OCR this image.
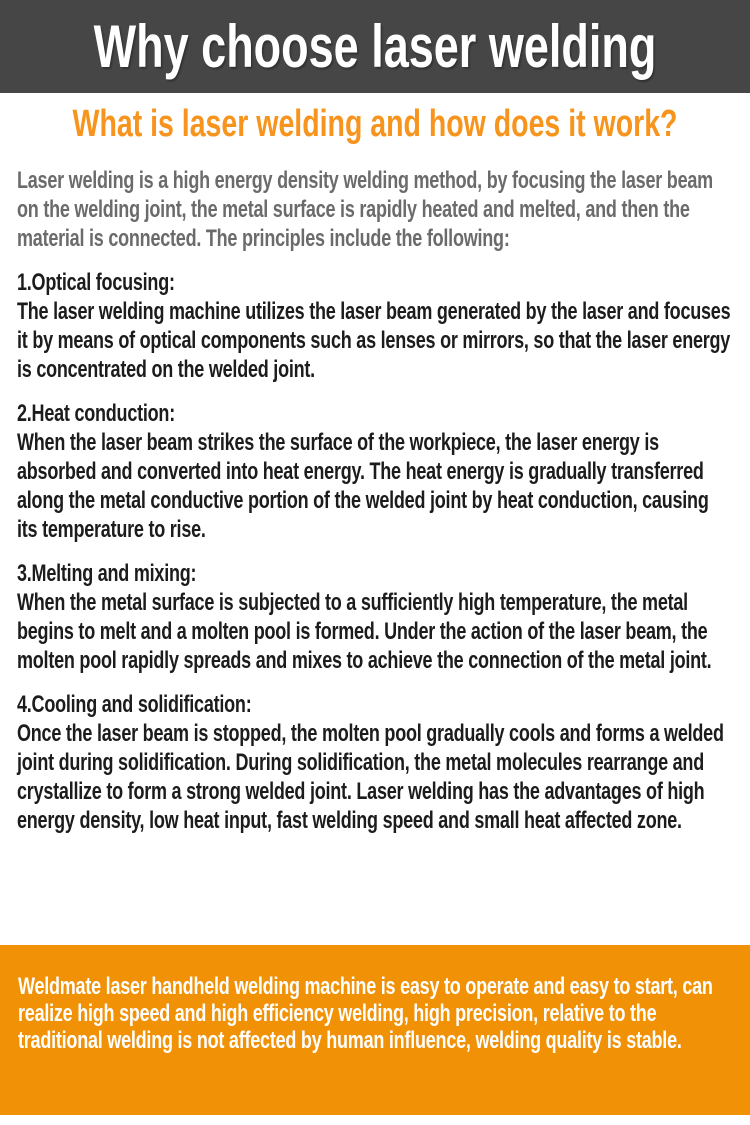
Why choose laser welding
What is laser welding and how does it work?

Laser welding is a high energy density welding method, by focusing the laser beam on the welding joint, the metal surface is rapidly heated and melted, and then the material is connected. The principles include the following:

1.Optical focusing:

The laser welding machine utilizes the laser beam generated by the laser and focuses it by means of optical components such as lenses or mirrors, so that the laser energy is concentrated on the welded joint.

2.Heat conduction:

When the laser beam strikes the surface of the workpiece, the laser energy is absorbed and converted into heat energy. The heat energy is gradually transferred along the metal conductive portion of the welded joint by heat conduction, causing its temperature to rise.

3.Melting and mixing:

When the metal surface is subjected to a sufficiently high temperature, the metal begins to melt and a molten pool is formed. Under the action of the laser beam, the molten pool rapidly spreads and mixes to achieve the connection of the metal joint.

4.Cooling and solidification:

Once the laser beam is stopped, the molten pool gradually cools and forms a welded joint during solidification. During solidification, the metal molecules rearrange and crystallize to form a strong welded joint. Laser welding has the advantages of high energy density, low heat input, fast welding speed and small heat affected zone.

Weldmate laser handheld welding machine is easy to operate and easy to start, can realize high speed and high efficiency welding, high precision, relative to the traditional welding is not affected by human influence, welding quality is stable.
